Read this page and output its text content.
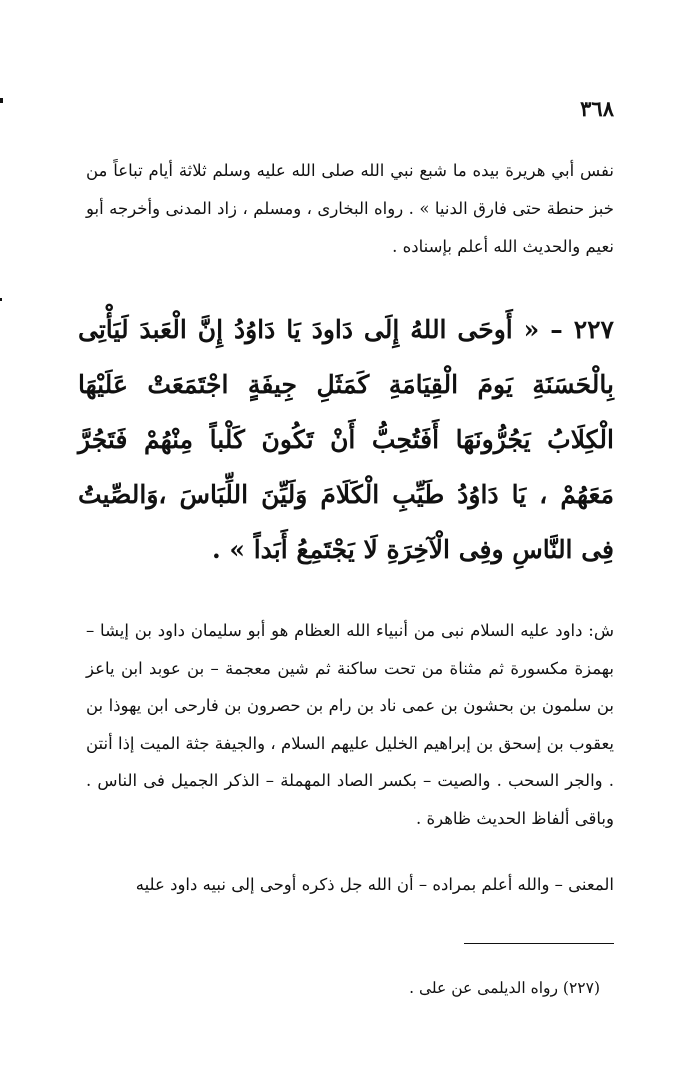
٣٦٨

نفس أبي هريرة بيده ما شبع نبي الله صلى الله عليه وسلم ثلاثة أيام تباعاً من خبز حنطة حتى فارق الدنيا » . رواه البخارى ، ومسلم ، زاد المدنى وأخرجه أبو نعيم والحديث الله أعلم بإسناده .

٢٢٧ – « أَوحَى اللهُ إِلَى دَاودَ يَا دَاوُدُ إِنَّ الْعَبدَ لَيَأْتِى بِالْحَسَنَةِ يَومَ الْقِيَامَةِ كَمَثَلِ جِيفَةٍ اجْتَمَعَتْ عَلَيْهَا الْكِلَابُ يَجُرُّونَهَا أَفَتُحِبُّ أَنْ تَكُونَ كَلْباً مِنْهُمْ فَتَجُرَّ مَعَهُمْ ، يَا دَاوُدُ طَيِّبِ الْكَلَامَ وَلَيِّنَ اللِّبَاسَ ،وَالصِّيتُ فِى النَّاسِ وفِى الْآخِرَةِ لَا يَجْتَمِعُ أَبَداً » .

ش: داود عليه السلام نبى من أنبياء الله العظام هو أبو سليمان داود بن إيشا – بهمزة مكسورة ثم مثناة من تحت ساكنة ثم شين معجمة – بن عوبد ابن ياعز بن سلمون بن بحشون بن عمى ناد بن رام بن حصرون بن فارحى ابن يهوذا بن يعقوب بن إسحق بن إبراهيم الخليل عليهم السلام ، والجيفة جثة الميت إذا أنتن . والجر السحب . والصيت – بكسر الصاد المهملة – الذكر الجميل فى الناس . وباقى ألفاظ الحديث ظاهرة .

المعنى – والله أعلم بمراده – أن الله جل ذكره أوحى إلى نبيه داود عليه

(٢٢٧) رواه الديلمى عن على .
